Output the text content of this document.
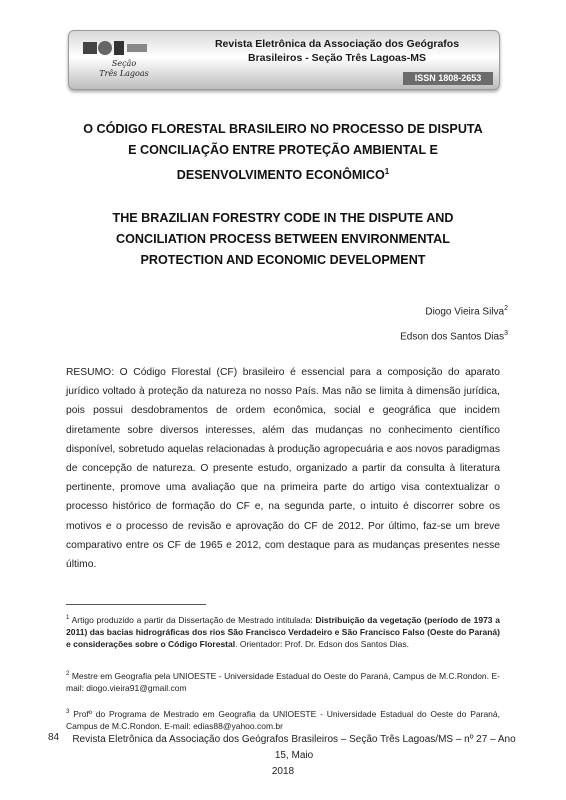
Seção
Três Lagoas
Revista Eletrônica da Associação dos Geógrafos
Brasileiros - Seção Três Lagoas-MS
ISSN 1808-2653
O CÓDIGO FLORESTAL BRASILEIRO NO PROCESSO DE DISPUTA
E CONCILIAÇÃO ENTRE PROTEÇÃO AMBIENTAL E
DESENVOLVIMENTO ECONÔMICO$^1$
THE BRAZILIAN FORESTRY CODE IN THE DISPUTE AND
CONCILIATION PROCESS BETWEEN ENVIRONMENTAL
PROTECTION AND ECONOMIC DEVELOPMENT
Diogo Vieira Silva$^2$
Edson dos Santos Dias$^3$
RESUMO: O Código Florestal (CF) brasileiro é essencial para a composição do aparato jurídico voltado à proteção da natureza no nosso País. Mas não se limita à dimensão jurídica, pois possui desdobramentos de ordem econômica, social e geográfica que incidem diretamente sobre diversos interesses, além das mudanças no conhecimento científico disponível, sobretudo aquelas relacionadas à produção agropecuária e aos novos paradigmas de concepção de natureza. O presente estudo, organizado a partir da consulta à literatura pertinente, promove uma avaliação que na primeira parte do artigo visa contextualizar o processo histórico de formação do CF e, na segunda parte, o intuito é discorrer sobre os motivos e o processo de revisão e aprovação do CF de 2012. Por último, faz-se um breve comparativo entre os CF de 1965 e 2012, com destaque para as mudanças presentes nesse último.
$^1$ Artigo produzido a partir da Dissertação de Mestrado intitulada: Distribuição da vegetação (período de 1973 a 2011) das bacias hidrográficas dos rios São Francisco Verdadeiro e São Francisco Falso (Oeste do Paraná) e considerações sobre o Código Florestal. Orientador: Prof. Dr. Edson dos Santos Dias.
$^2$ Mestre em Geografia pela UNIOESTE - Universidade Estadual do Oeste do Paraná, Campus de M.C.Rondon. E-mail: diogo.vieira91@gmail.com
$^3$ Profº do Programa de Mestrado em Geografia da UNIOESTE - Universidade Estadual do Oeste do Paraná, Campus de M.C.Rondon. E-mail: edias88@yahoo.com.br
84	Revista Eletrônica da Associação dos Geógrafos Brasileiros – Seção Três Lagoas/MS – nº 27 – Ano 15, Maio
2018
